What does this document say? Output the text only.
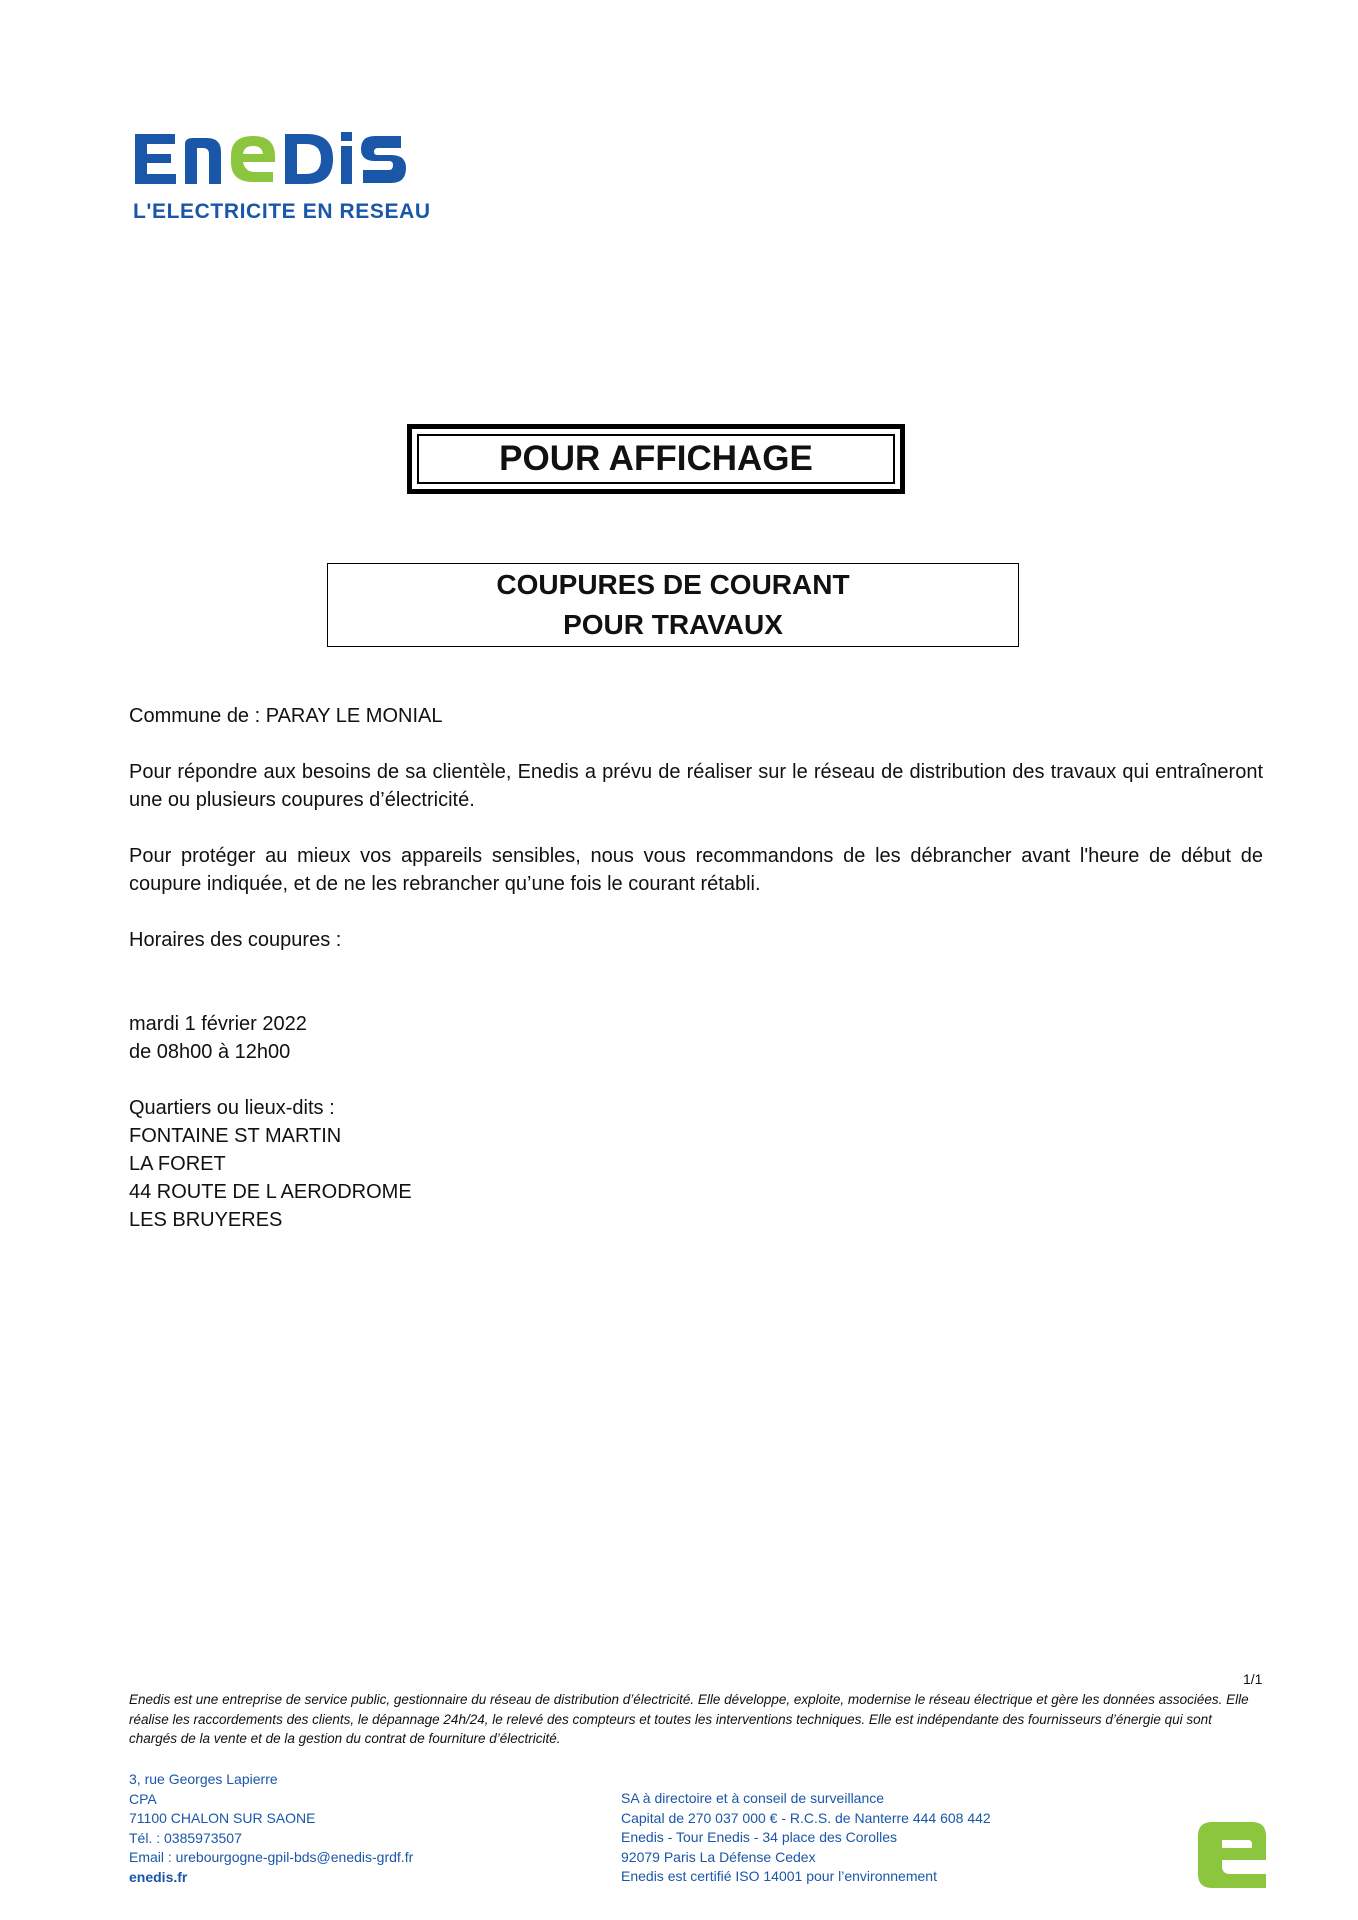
L'ELECTRICITE EN RESEAU
POUR AFFICHAGE
COUPURES DE COURANT
POUR TRAVAUX
Commune de : PARAY LE MONIAL
Pour répondre aux besoins de sa clientèle, Enedis a prévu de réaliser sur le réseau de distribution des travaux qui entraîneront une ou plusieurs coupures d’électricité.
Pour protéger au mieux vos appareils sensibles, nous vous recommandons de les débrancher avant l'heure de début de coupure indiquée, et de ne les rebrancher qu’une fois le courant rétabli.
Horaires des coupures :
mardi 1 février 2022
de 08h00 à 12h00
Quartiers ou lieux-dits :
FONTAINE ST MARTIN
LA FORET
44 ROUTE DE L AERODROME
LES BRUYERES
1/1
Enedis est une entreprise de service public, gestionnaire du réseau de distribution d’électricité. Elle développe, exploite, modernise le réseau électrique et gère les données associées. Elle réalise les raccordements des clients, le dépannage 24h/24, le relevé des compteurs et toutes les interventions techniques. Elle est indépendante des fournisseurs d’énergie qui sont chargés de la vente et de la gestion du contrat de fourniture d’électricité.
3, rue Georges Lapierre
CPA
71100 CHALON SUR SAONE
Tél. : 0385973507
Email : urebourgogne-gpil-bds@enedis-grdf.fr
enedis.fr
SA à directoire et à conseil de surveillance
Capital de 270 037 000 € - R.C.S. de Nanterre 444 608 442
Enedis - Tour Enedis - 34 place des Corolles
92079 Paris La Défense Cedex
Enedis est certifié ISO 14001 pour l’environnement
